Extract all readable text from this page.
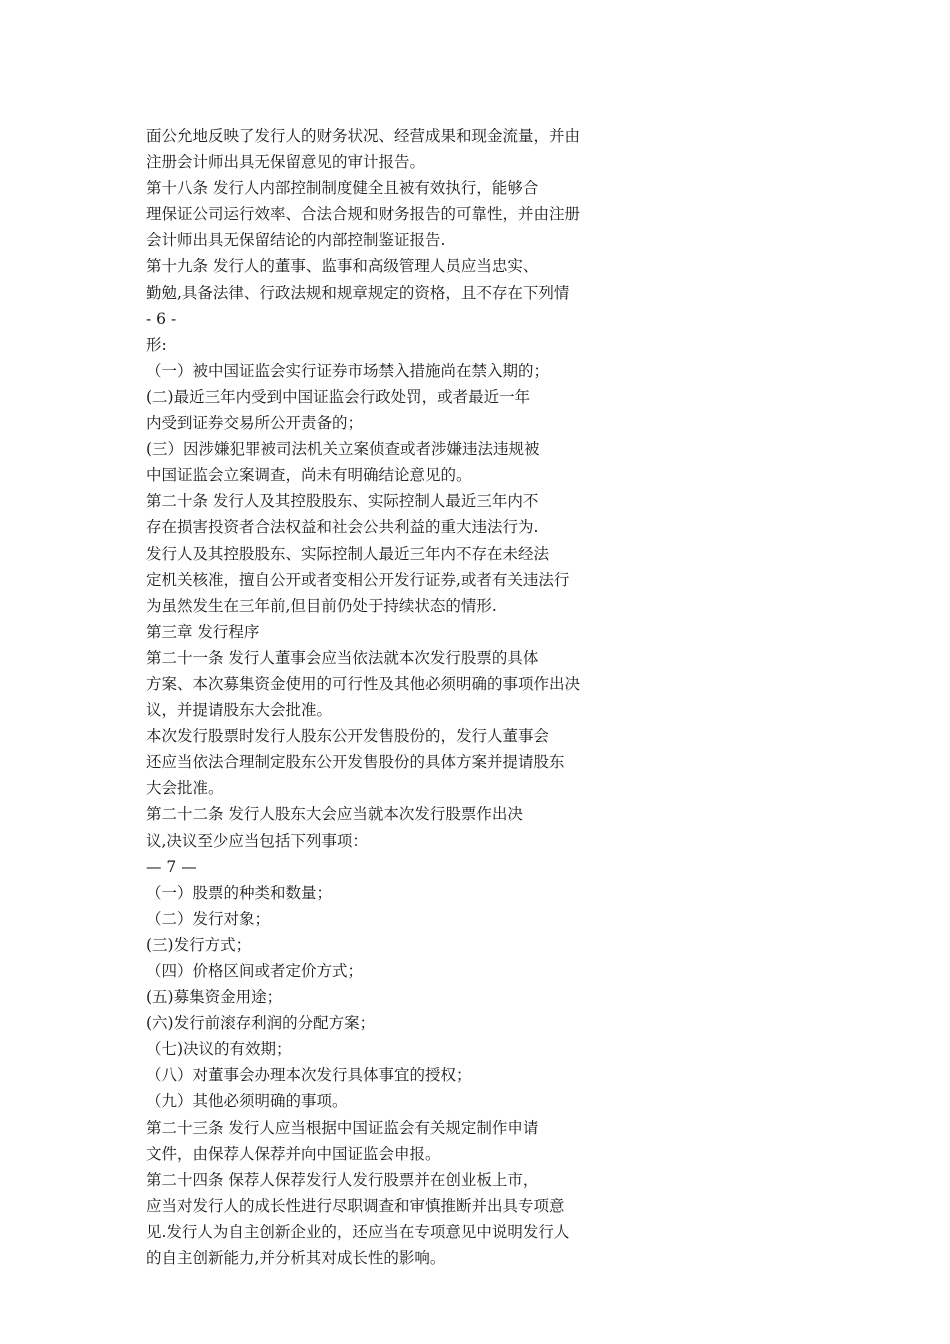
面公允地反映了发行人的财务状况、经营成果和现金流量，并由
注册会计师出具无保留意见的审计报告。
第十八条 发行人内部控制制度健全且被有效执行，能够合
理保证公司运行效率、合法合规和财务报告的可靠性，并由注册
会计师出具无保留结论的内部控制鉴证报告.
第十九条 发行人的董事、监事和高级管理人员应当忠实、
勤勉,具备法律、行政法规和规章规定的资格，且不存在下列情
- 6 -
形:
（一）被中国证监会实行证券市场禁入措施尚在禁入期的；
(二)最近三年内受到中国证监会行政处罚，或者最近一年
内受到证券交易所公开责备的；
(三）因涉嫌犯罪被司法机关立案侦查或者涉嫌违法违规被
中国证监会立案调查，尚未有明确结论意见的。
第二十条 发行人及其控股股东、实际控制人最近三年内不
存在损害投资者合法权益和社会公共利益的重大违法行为.
发行人及其控股股东、实际控制人最近三年内不存在未经法
定机关核准，擅自公开或者变相公开发行证券,或者有关违法行
为虽然发生在三年前,但目前仍处于持续状态的情形.
第三章 发行程序
第二十一条 发行人董事会应当依法就本次发行股票的具体
方案、本次募集资金使用的可行性及其他必须明确的事项作出决
议，并提请股东大会批准。
本次发行股票时发行人股东公开发售股份的，发行人董事会
还应当依法合理制定股东公开发售股份的具体方案并提请股东
大会批准。
第二十二条 发行人股东大会应当就本次发行股票作出决
议,决议至少应当包括下列事项：
— 7 —
（一）股票的种类和数量；
（二）发行对象；
(三)发行方式；
（四）价格区间或者定价方式；
(五)募集资金用途；
(六)发行前滚存利润的分配方案；
（七)决议的有效期；
（八）对董事会办理本次发行具体事宜的授权；
（九）其他必须明确的事项。
第二十三条 发行人应当根据中国证监会有关规定制作申请
文件，由保荐人保荐并向中国证监会申报。
第二十四条 保荐人保荐发行人发行股票并在创业板上市，
应当对发行人的成长性进行尽职调查和审慎推断并出具专项意
见.发行人为自主创新企业的，还应当在专项意见中说明发行人
的自主创新能力,并分析其对成长性的影响。
